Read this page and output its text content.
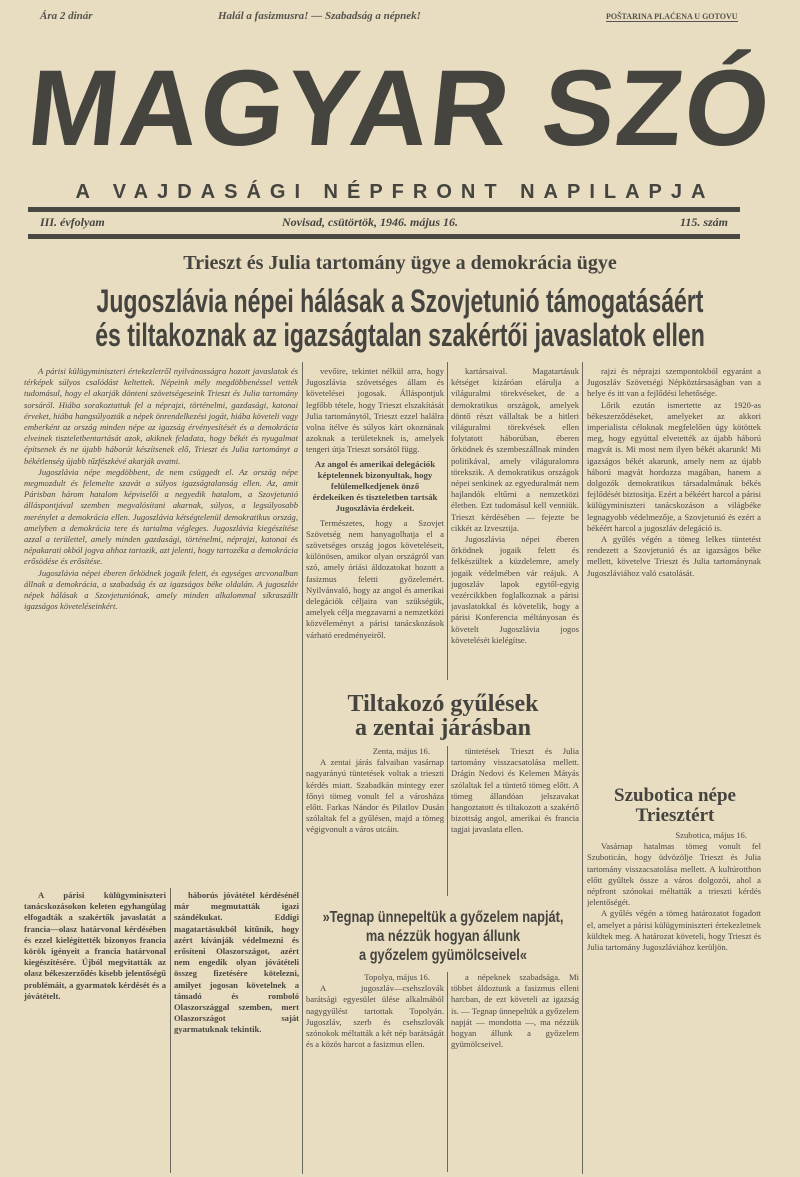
Ára 2 dinár	Halál a fasizmusra! — Szabadság a népnek!	POŠTARINA PLAĆENA U GOTOVU
MAGYAR SZÓ
A VAJDASÁGI NÉPFRONT NAPILAPJA
III. évfolyam	Novisad, csütörtök, 1946. május 16.	115. szám
Trieszt és Julia tartomány ügye a demokrácia ügye
Jugoszlávia népei hálásak a Szovjetunió támogatásáért
és tiltakoznak az igazságtalan szakértői javaslatok ellen

A párisi külügyminiszteri értekezletről nyilvánosságra hozott javaslatok és térképek súlyos csalódást keltettek. Népeink mély megdöbbenéssel vették tudomásul, hogy el akarják dönteni szövetségeseink Trieszt és Julia tartomány sorsáról. Hiába sorakoztattuk fel a néprajzi, történelmi, gazdasági, katonai érveket, hiába hangsúlyozták a népek önrendelkezési jogát, hiába követeli vagy emberként az ország minden népe az igazság érvényesítését és a demokrácia elveinek tiszteletbentartását azok, akiknek feladata, hogy békét és nyugalmat építsenek és ne újabb háborút készítsenek elő, Trieszt és Julia tartományt a békétlenség újabb tűzfészkévé akarják avatni.

Jugoszlávia népe megdöbbent, de nem csüggedt el. Az ország népe megmozdult és felemelte szavát a súlyos igazságtalanság ellen. Az, amit Párisban három hatalom képviselői a negyedik hatalom, a Szovjetunió álláspontjával szemben megvalósítani akarnak, súlyos, a legsúlyosabb merénylet a demokrácia ellen. Jugoszlávia kétségtelenül demokratikus ország, amelyben a demokrácia tere és tartalma végleges. Jugoszlávia kiegészítése azzal a területtel, amely minden gazdasági, történelmi, néprajzi, katonai és népakarati okból jogva ahhoz tartozik, azt jelenti, hogy tartozéka a demokrácia erősödése és erősítése.

Jugoszlávia népei éberen őrködnek jogaik felett, és egységes arcvonalban állnak a demokrácia, a szabadság és az igazságos béke oldalán. A jugoszláv népek hálásak a Szovjetuniónak, amely minden alkalommal síkraszállt igazságos követeléseinkért.

A párisi külügyminiszteri tanácskozásokon keleten egyhangúlag elfogadták a szakértők javaslatát a francia—olasz határvonal kérdésében és ezzel kielégítették bizonyos francia körök igényeit a francia határvonal kiegészítésére. Újból megvitatták az olasz békeszerződés kisebb jelentőségű problémáit, a gyarmatok kérdését és a jóvátételt.

háborús jóvátétel kérdésénél már megmutatták igazi szándékukat. Eddigi magatartásukból kitűnik, hogy azért kívánják védelmezni és erősíteni Olaszországot, azért nem engedik olyan jóvátételi összeg fizetésére kötelezni, amilyet jogosan követelnek a támadó és romboló Olaszországgal szemben, mert Olaszországot saját gyarmatuknak tekintik.

vevőire, tekintet nélkül arra, hogy Jugoszlávia szövetséges állam és követelései jogosak. Álláspontjuk legfőbb tétele, hogy Trieszt elszakítását Julia tartománytól, Trieszt ezzel halálra volna ítélve és súlyos kárt okoznának azoknak a területeknek is, amelyek tengeri útja Trieszt sorsától függ.

Az angol és amerikai delegációk képtelennek bizonyultak, hogy felülemelkedjenek önző érdekeiken és tiszteletben tartsák Jugoszlávia érdekeit.

Természetes, hogy a Szovjet Szövetség nem hanyagolhatja el a szövetséges ország jogos követeléseit, különösen, amikor olyan országról van szó, amely óriási áldozatokat hozott a fasizmus feletti győzelemért. Nyilvánvaló, hogy az angol és amerikai delegációk céljaira van szükségük, amelyek célja megzavarni a nemzetközi közvéleményt a párisi tanácskozások várható eredményeiről.

kartársaival. Magatartásuk kétséget kizáróan elárulja a világuralmi törekvéseket, de a demokratikus országok, amelyek döntő részt vállaltak be a hitleri világuralmi törekvések ellen folytatott háborúban, éberen őrködnek és szembeszállnak minden politikával, amely világuralomra törekszik. A demokratikus országok népei senkinek az egyeduralmát nem hajlandók eltűrni a nemzetközi életben. Ezt tudomásul kell venniük. Trieszt kérdésében — fejezte be cikkét az Izvesztija.

Jugoszlávia népei éberen őrködnek jogaik felett és felkészültek a küzdelemre, amely jogaik védelmében vár reájuk. A jugoszláv lapok egytől-egyig vezércikkben foglalkoznak a párisi javaslatokkal és követelik, hogy a párisi Konferencia méltányosan és követelt Jugoszlávia jogos követelését kielégítse.

Tiltakozó gyűlések
a zentai járásban
Zenta, május 16.

A zentai járás falvaiban vasárnap nagyarányú tüntetések voltak a trieszti kérdés miatt. Szabadkán mintegy ezer főnyi tömeg vonult fel a városháza előtt. Farkas Nándor és Pilatlov Dusán szólaltak fel a gyűlésen, majd a tömeg végigvonult a város utcáin.

tüntetések Trieszt és Julia tartomány visszacsatolása mellett. Drágin Nedovi és Kelemen Mátyás szólaltak fel a tüntető tömeg előtt. A tömeg állandóan jelszavakat hangoztatott és tiltakozott a szakértő bizottság angol, amerikai és francia tagjai javaslata ellen.

»Tegnap ünnepeltük a győzelem napját,
ma nézzük hogyan állunk
a győzelem gyümölcseivel«
Topolya, május 16.

A jugoszláv—csehszlovák barátsági egyesület ülése alkalmából nagygyűlést tartottak Topolyán. Jugoszláv, szerb és csehszlovák szónokok méltatták a két nép barátságát és a közös harcot a fasizmus ellen.

a népeknek szabadsága. Mi többet áldoztunk a fasizmus elleni harcban, de ezt követeli az igazság is. — Tegnap ünnepeltük a győzelem napját — mondotta —, ma nézzük hogyan állunk a győzelem gyümölcseivel.

rajzi és néprajzi szempontokból egyaránt a Jugoszláv Szövetségi Népköztársaságban van a helye és itt van a fejlődési lehetősége.

Lőrik ezután ismertette az 1920-as békeszerződéseket, amelyeket az akkori imperialista céloknak megfelelően úgy kötöttek meg, hogy egyúttal elvetették az újabb háború magvát is. Mi most nem ilyen békét akarunk! Mi igazságos békét akarunk, amely nem az újabb háború magvát hordozza magában, hanem a dolgozók demokratikus társadalmának békés fejlődését biztosítja. Ezért a békéért harcol a párisi külügyminiszteri tanácskozáson a világbéke legnagyobb védelmezője, a Szovjetunió és ezért a békéért harcol a jugoszláv delegáció is.

A gyűlés végén a tömeg lelkes tüntetést rendezett a Szovjetunió és az igazságos béke mellett, követelve Trieszt és Julia tartománynak Jugoszláviához való csatolását.

Szubotica népe
Triesztért
Szubotica, május 16.

Vasárnap hatalmas tömeg vonult fel Szuboticán, hogy üdvözölje Trieszt és Julia tartomány visszacsatolása mellett. A kultúrotthon előtt gyűltek össze a város dolgozói, ahol a népfront szónokai méltatták a trieszti kérdés jelentőségét.

A gyűlés végén a tömeg határozatot fogadott el, amelyet a párisi külügyminiszteri értekezletnek küldtek meg. A határozat követeli, hogy Trieszt és Julia tartomány Jugoszláviához kerüljön.
